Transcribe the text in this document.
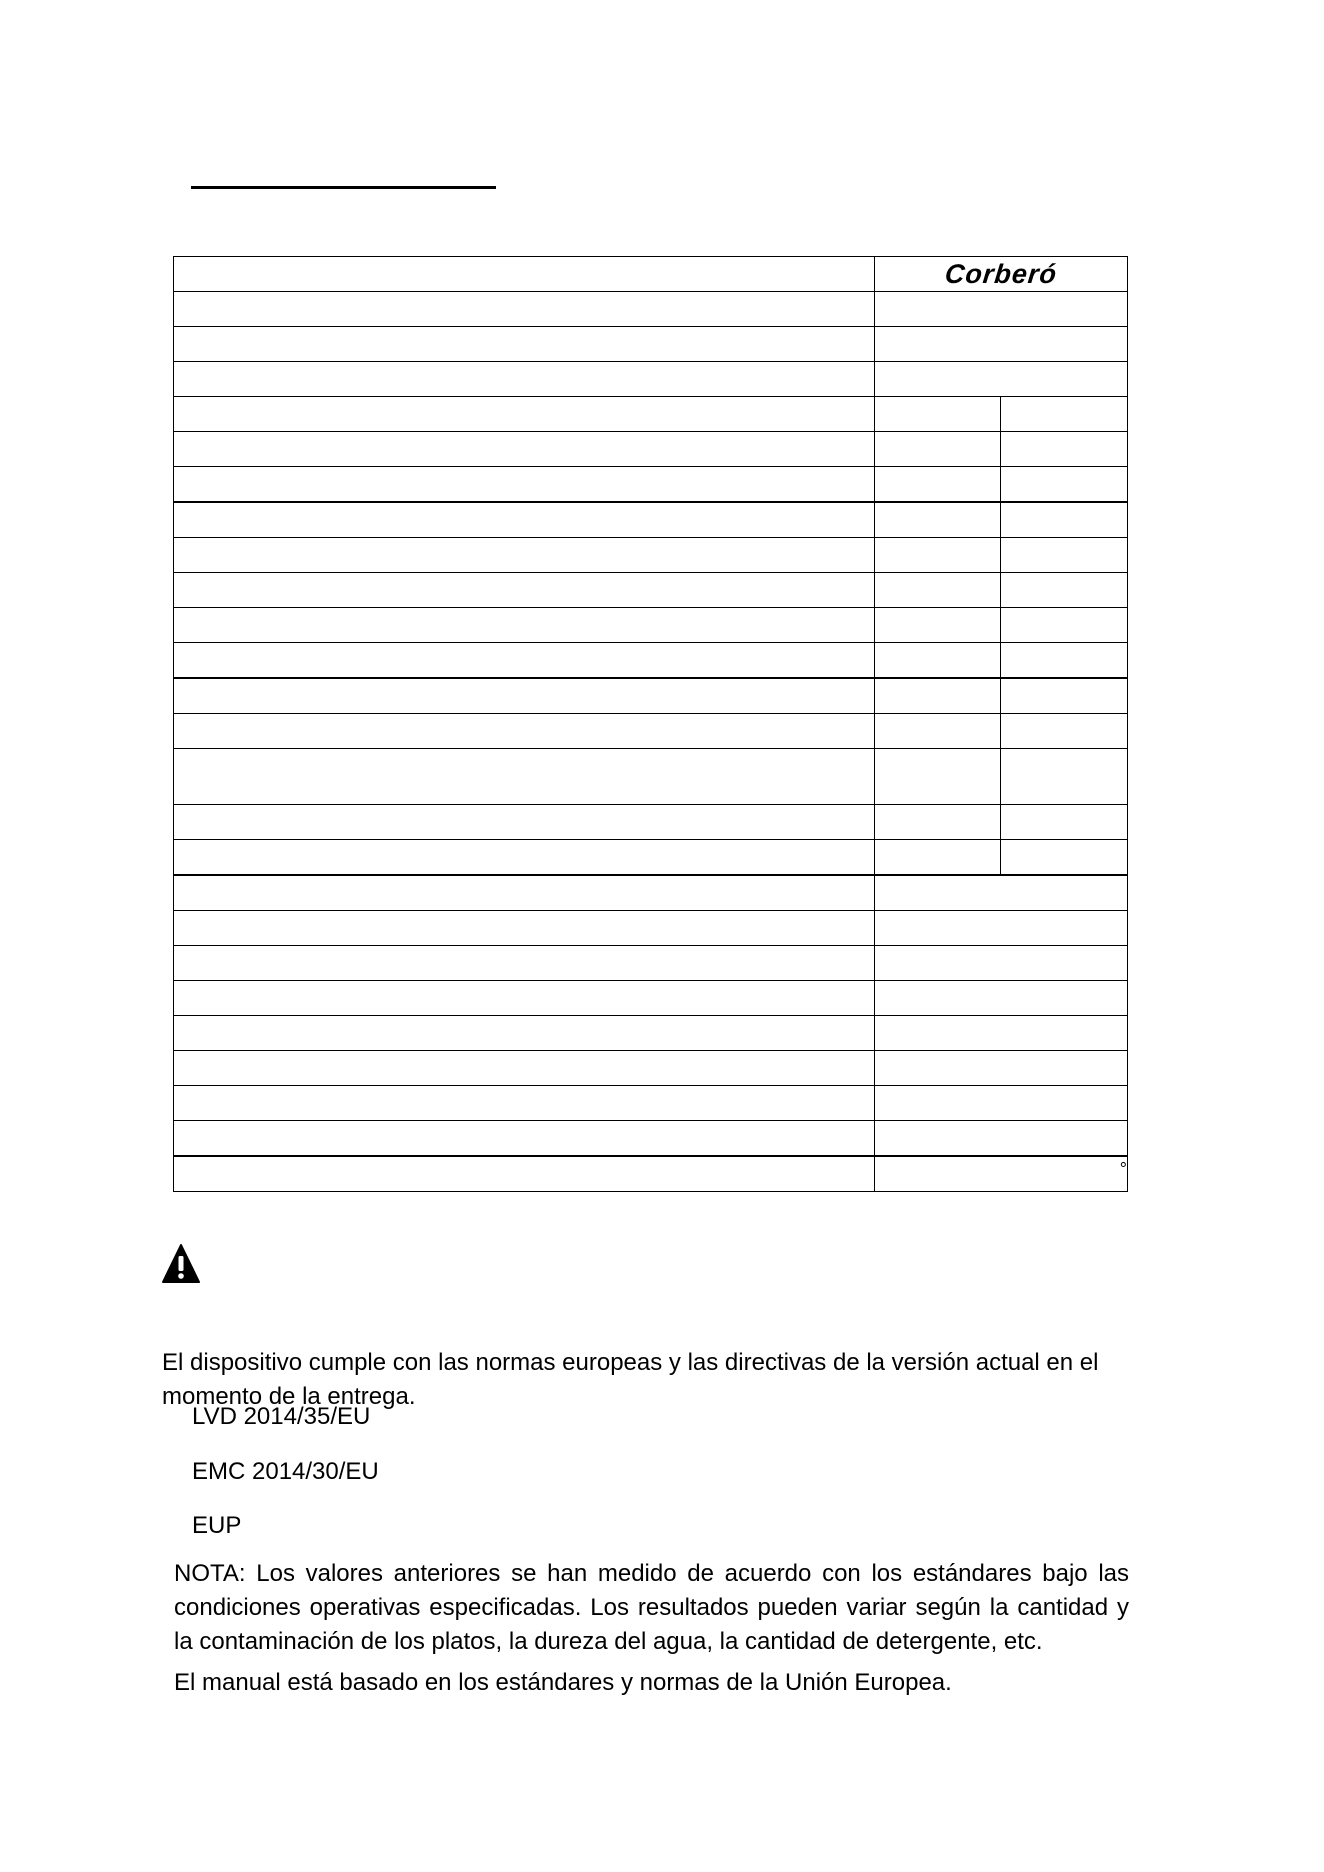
	Corberó	

	°	
El dispositivo cumple con las normas europeas y las directivas de la versión actual en el momento de la entrega.
LVD 2014/35/EU
EMC 2014/30/EU
EUP
NOTA: Los valores anteriores se han medido de acuerdo con los estándares bajo las condiciones operativas especificadas. Los resultados pueden variar según la cantidad y la contaminación de los platos, la dureza del agua, la cantidad de detergente, etc.
El manual está basado en los estándares y normas de la Unión Europea.
